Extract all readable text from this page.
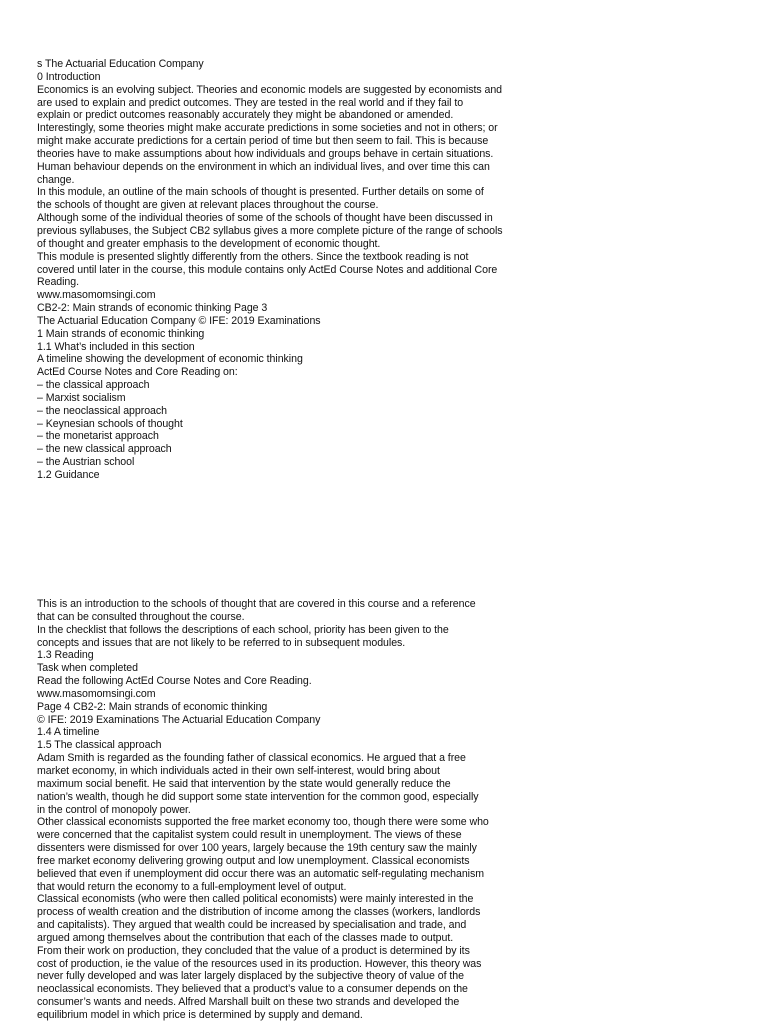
s The Actuarial Education Company
0 Introduction
Economics is an evolving subject. Theories and economic models are suggested by economists and
are used to explain and predict outcomes. They are tested in the real world and if they fail to
explain or predict outcomes reasonably accurately they might be abandoned or amended.
Interestingly, some theories might make accurate predictions in some societies and not in others; or
might make accurate predictions for a certain period of time but then seem to fail. This is because
theories have to make assumptions about how individuals and groups behave in certain situations.
Human behaviour depends on the environment in which an individual lives, and over time this can
change.
In this module, an outline of the main schools of thought is presented. Further details on some of
the schools of thought are given at relevant places throughout the course.
Although some of the individual theories of some of the schools of thought have been discussed in
previous syllabuses, the Subject CB2 syllabus gives a more complete picture of the range of schools
of thought and greater emphasis to the development of economic thought.
This module is presented slightly differently from the others. Since the textbook reading is not
covered until later in the course, this module contains only ActEd Course Notes and additional Core
Reading.
www.masomomsingi.com
CB2-2: Main strands of economic thinking Page 3
The Actuarial Education Company © IFE: 2019 Examinations
1 Main strands of economic thinking
1.1 What’s included in this section
A timeline showing the development of economic thinking
ActEd Course Notes and Core Reading on:
– the classical approach
– Marxist socialism
– the neoclassical approach
– Keynesian schools of thought
– the monetarist approach
– the new classical approach
– the Austrian school
1.2 Guidance
This is an introduction to the schools of thought that are covered in this course and a reference
that can be consulted throughout the course.
In the checklist that follows the descriptions of each school, priority has been given to the
concepts and issues that are not likely to be referred to in subsequent modules.
1.3 Reading
Task when completed
Read the following ActEd Course Notes and Core Reading.
www.masomomsingi.com
Page 4 CB2-2: Main strands of economic thinking
© IFE: 2019 Examinations The Actuarial Education Company
1.4 A timeline
1.5 The classical approach
Adam Smith is regarded as the founding father of classical economics. He argued that a free
market economy, in which individuals acted in their own self-interest, would bring about
maximum social benefit. He said that intervention by the state would generally reduce the
nation’s wealth, though he did support some state intervention for the common good, especially
in the control of monopoly power.
Other classical economists supported the free market economy too, though there were some who
were concerned that the capitalist system could result in unemployment. The views of these
dissenters were dismissed for over 100 years, largely because the 19th century saw the mainly
free market economy delivering growing output and low unemployment. Classical economists
believed that even if unemployment did occur there was an automatic self-regulating mechanism
that would return the economy to a full-employment level of output.
Classical economists (who were then called political economists) were mainly interested in the
process of wealth creation and the distribution of income among the classes (workers, landlords
and capitalists). They argued that wealth could be increased by specialisation and trade, and
argued among themselves about the contribution that each of the classes made to output.
From their work on production, they concluded that the value of a product is determined by its
cost of production, ie the value of the resources used in its production. However, this theory was
never fully developed and was later largely displaced by the subjective theory of value of the
neoclassical economists. They believed that a product’s value to a consumer depends on the
consumer’s wants and needs. Alfred Marshall built on these two strands and developed the
equilibrium model in which price is determined by supply and demand.
